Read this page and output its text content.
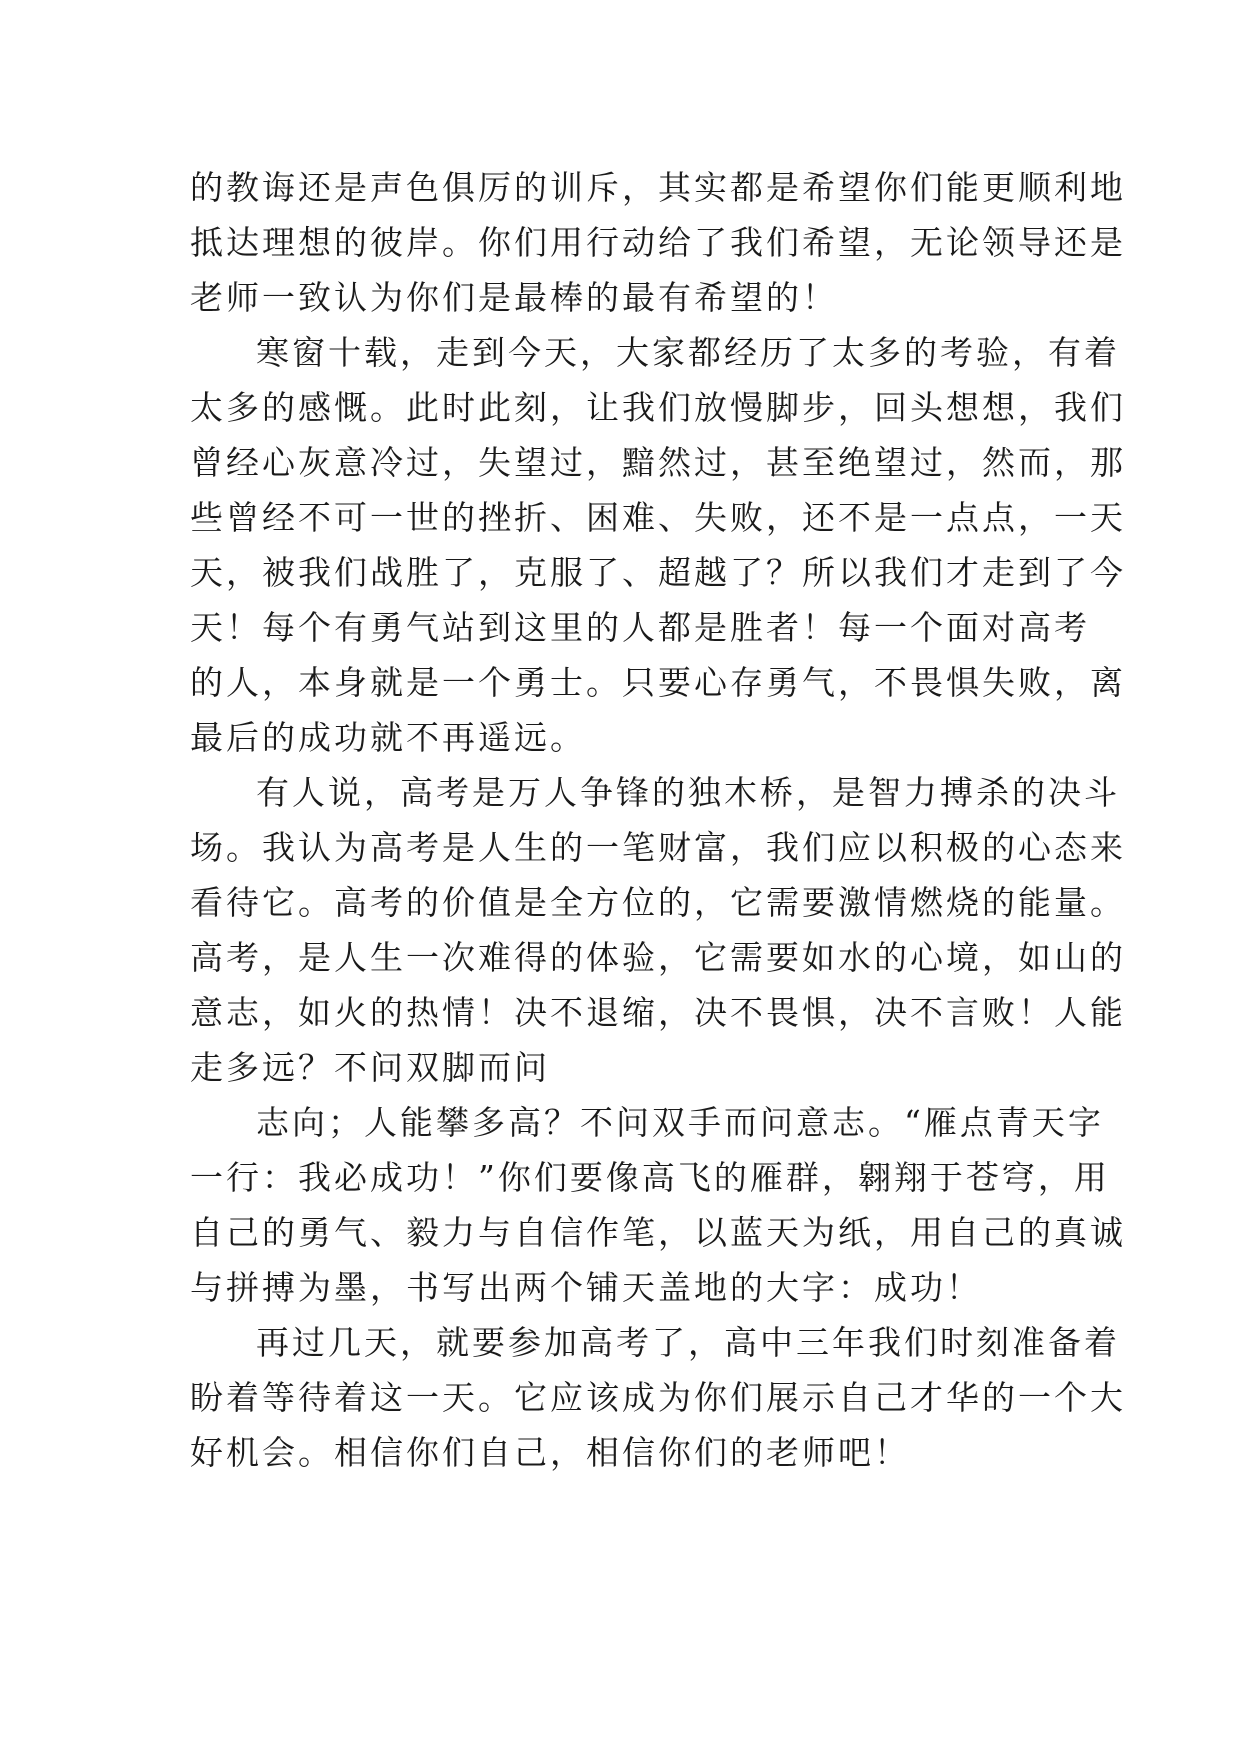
的教诲还是声色俱厉的训斥，其实都是希望你们能更顺利地
抵达理想的彼岸。你们用行动给了我们希望，无论领导还是
老师一致认为你们是最棒的最有希望的！
寒窗十载，走到今天，大家都经历了太多的考验，有着
太多的感慨。此时此刻，让我们放慢脚步，回头想想，我们
曾经心灰意冷过，失望过，黯然过，甚至绝望过，然而，那
些曾经不可一世的挫折、困难、失败，还不是一点点，一天
天，被我们战胜了，克服了、超越了？所以我们才走到了今
天！每个有勇气站到这里的人都是胜者！每一个面对高考
的人，本身就是一个勇士。只要心存勇气，不畏惧失败，离
最后的成功就不再遥远。
有人说，高考是万人争锋的独木桥，是智力搏杀的决斗
场。我认为高考是人生的一笔财富，我们应以积极的心态来
看待它。高考的价值是全方位的，它需要激情燃烧的能量。
高考，是人生一次难得的体验，它需要如水的心境，如山的
意志，如火的热情！决不退缩，决不畏惧，决不言败！人能
走多远？不问双脚而问
志向；人能攀多高？不问双手而问意志。“雁点青天字
一行：我必成功！”你们要像高飞的雁群，翱翔于苍穹，用
自己的勇气、毅力与自信作笔，以蓝天为纸，用自己的真诚
与拼搏为墨，书写出两个铺天盖地的大字：成功！
再过几天，就要参加高考了，高中三年我们时刻准备着
盼着等待着这一天。它应该成为你们展示自己才华的一个大
好机会。相信你们自己，相信你们的老师吧！
